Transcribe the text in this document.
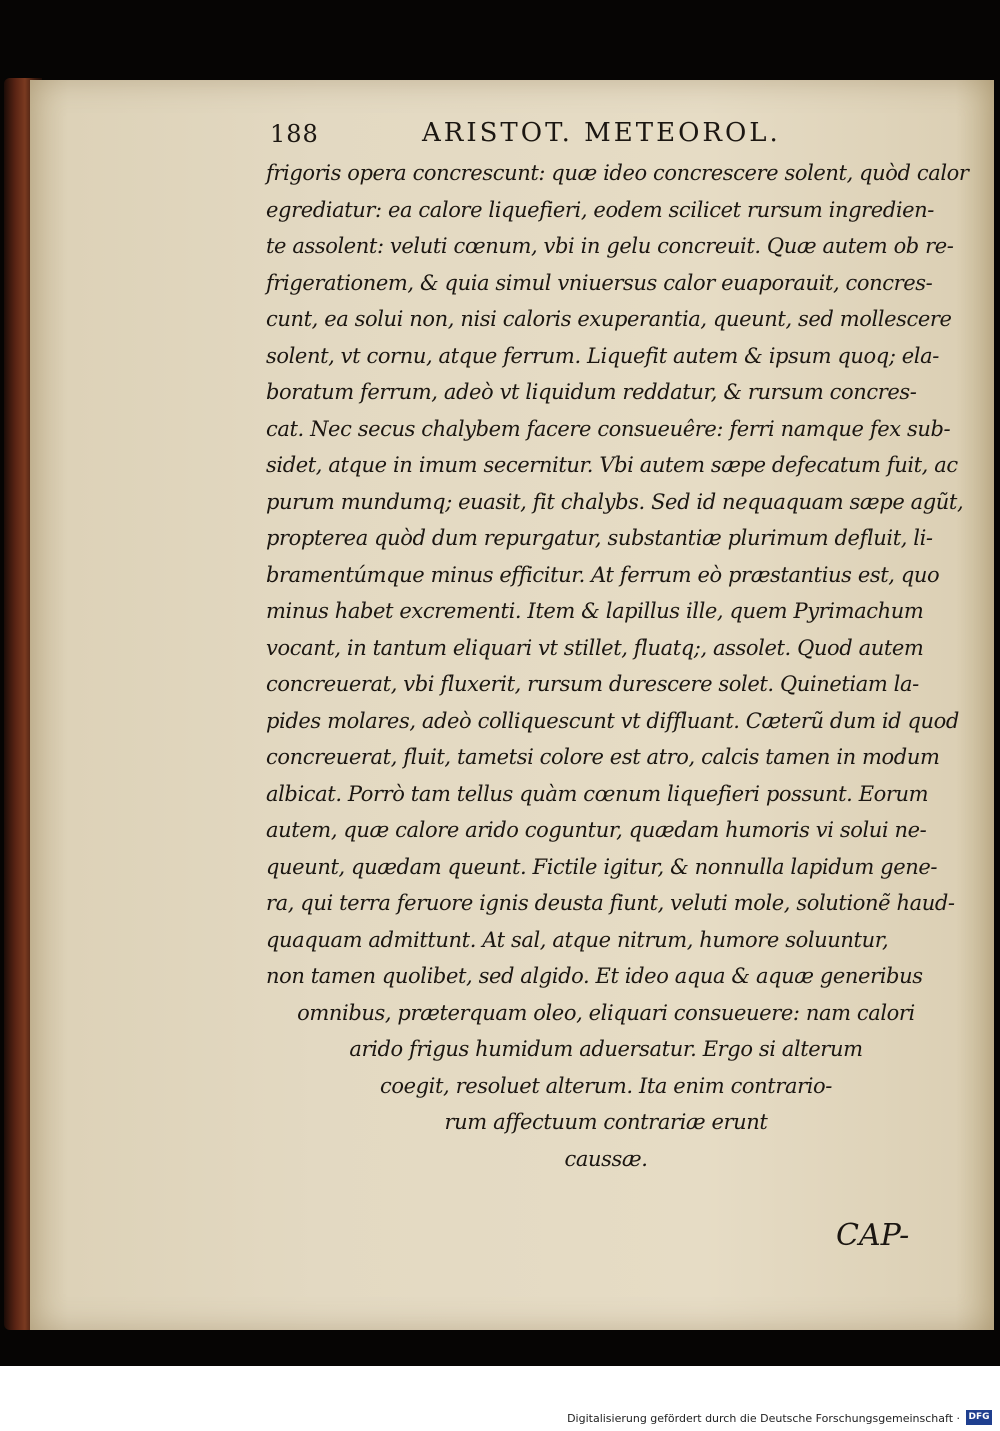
188	ARISTOT. METEOROL.
frigoris opera concrescunt: quæ ideo concrescere solent, quòd calor
egrediatur: ea calore liquefieri, eodem scilicet rursum ingredien-
te assolent: veluti cœnum, vbi in gelu concreuit. Quæ autem ob re-
frigerationem, & quia simul vniuersus calor euaporauit, concres-
cunt, ea solui non, nisi caloris exuperantia, queunt, sed mollescere
solent, vt cornu, atque ferrum. Liquefit autem & ipsum quoq; ela-
boratum ferrum, adeò vt liquidum reddatur, & rursum concres-
cat. Nec secus chalybem facere consueuêre: ferri namque fex sub-
sidet, atque in imum secernitur. Vbi autem sæpe defecatum fuit, ac
purum mundumq; euasit, fit chalybs. Sed id nequaquam sæpe agũt,
propterea quòd dum repurgatur, substantiæ plurimum defluit, li-
bramentúmque minus efficitur. At ferrum eò præstantius est, quo
minus habet excrementi. Item & lapillus ille, quem Pyrimachum
vocant, in tantum eliquari vt stillet, fluatq;, assolet. Quod autem
concreuerat, vbi fluxerit, rursum durescere solet. Quinetiam la-
pides molares, adeò colliquescunt vt diffluant. Cæterũ dum id quod
concreuerat, fluit, tametsi colore est atro, calcis tamen in modum
albicat. Porrò tam tellus quàm cœnum liquefieri possunt. Eorum
autem, quæ calore arido coguntur, quædam humoris vi solui ne-
queunt, quædam queunt. Fictile igitur, & nonnulla lapidum gene-
ra, qui terra feruore ignis deusta fiunt, veluti mole, solutionẽ haud-
quaquam admittunt. At sal, atque nitrum, humore soluuntur,
non tamen quolibet, sed algido. Et ideo aqua & aquæ generibus
omnibus, præterquam oleo, eliquari consueuere: nam calori
arido frigus humidum aduersatur. Ergo si alterum
coegit, resoluet alterum. Ita enim contrario-
rum affectuum contrariæ erunt
caussæ.
CAP-
Digitalisierung gefördert durch die Deutsche Forschungsgemeinschaft · DFG
